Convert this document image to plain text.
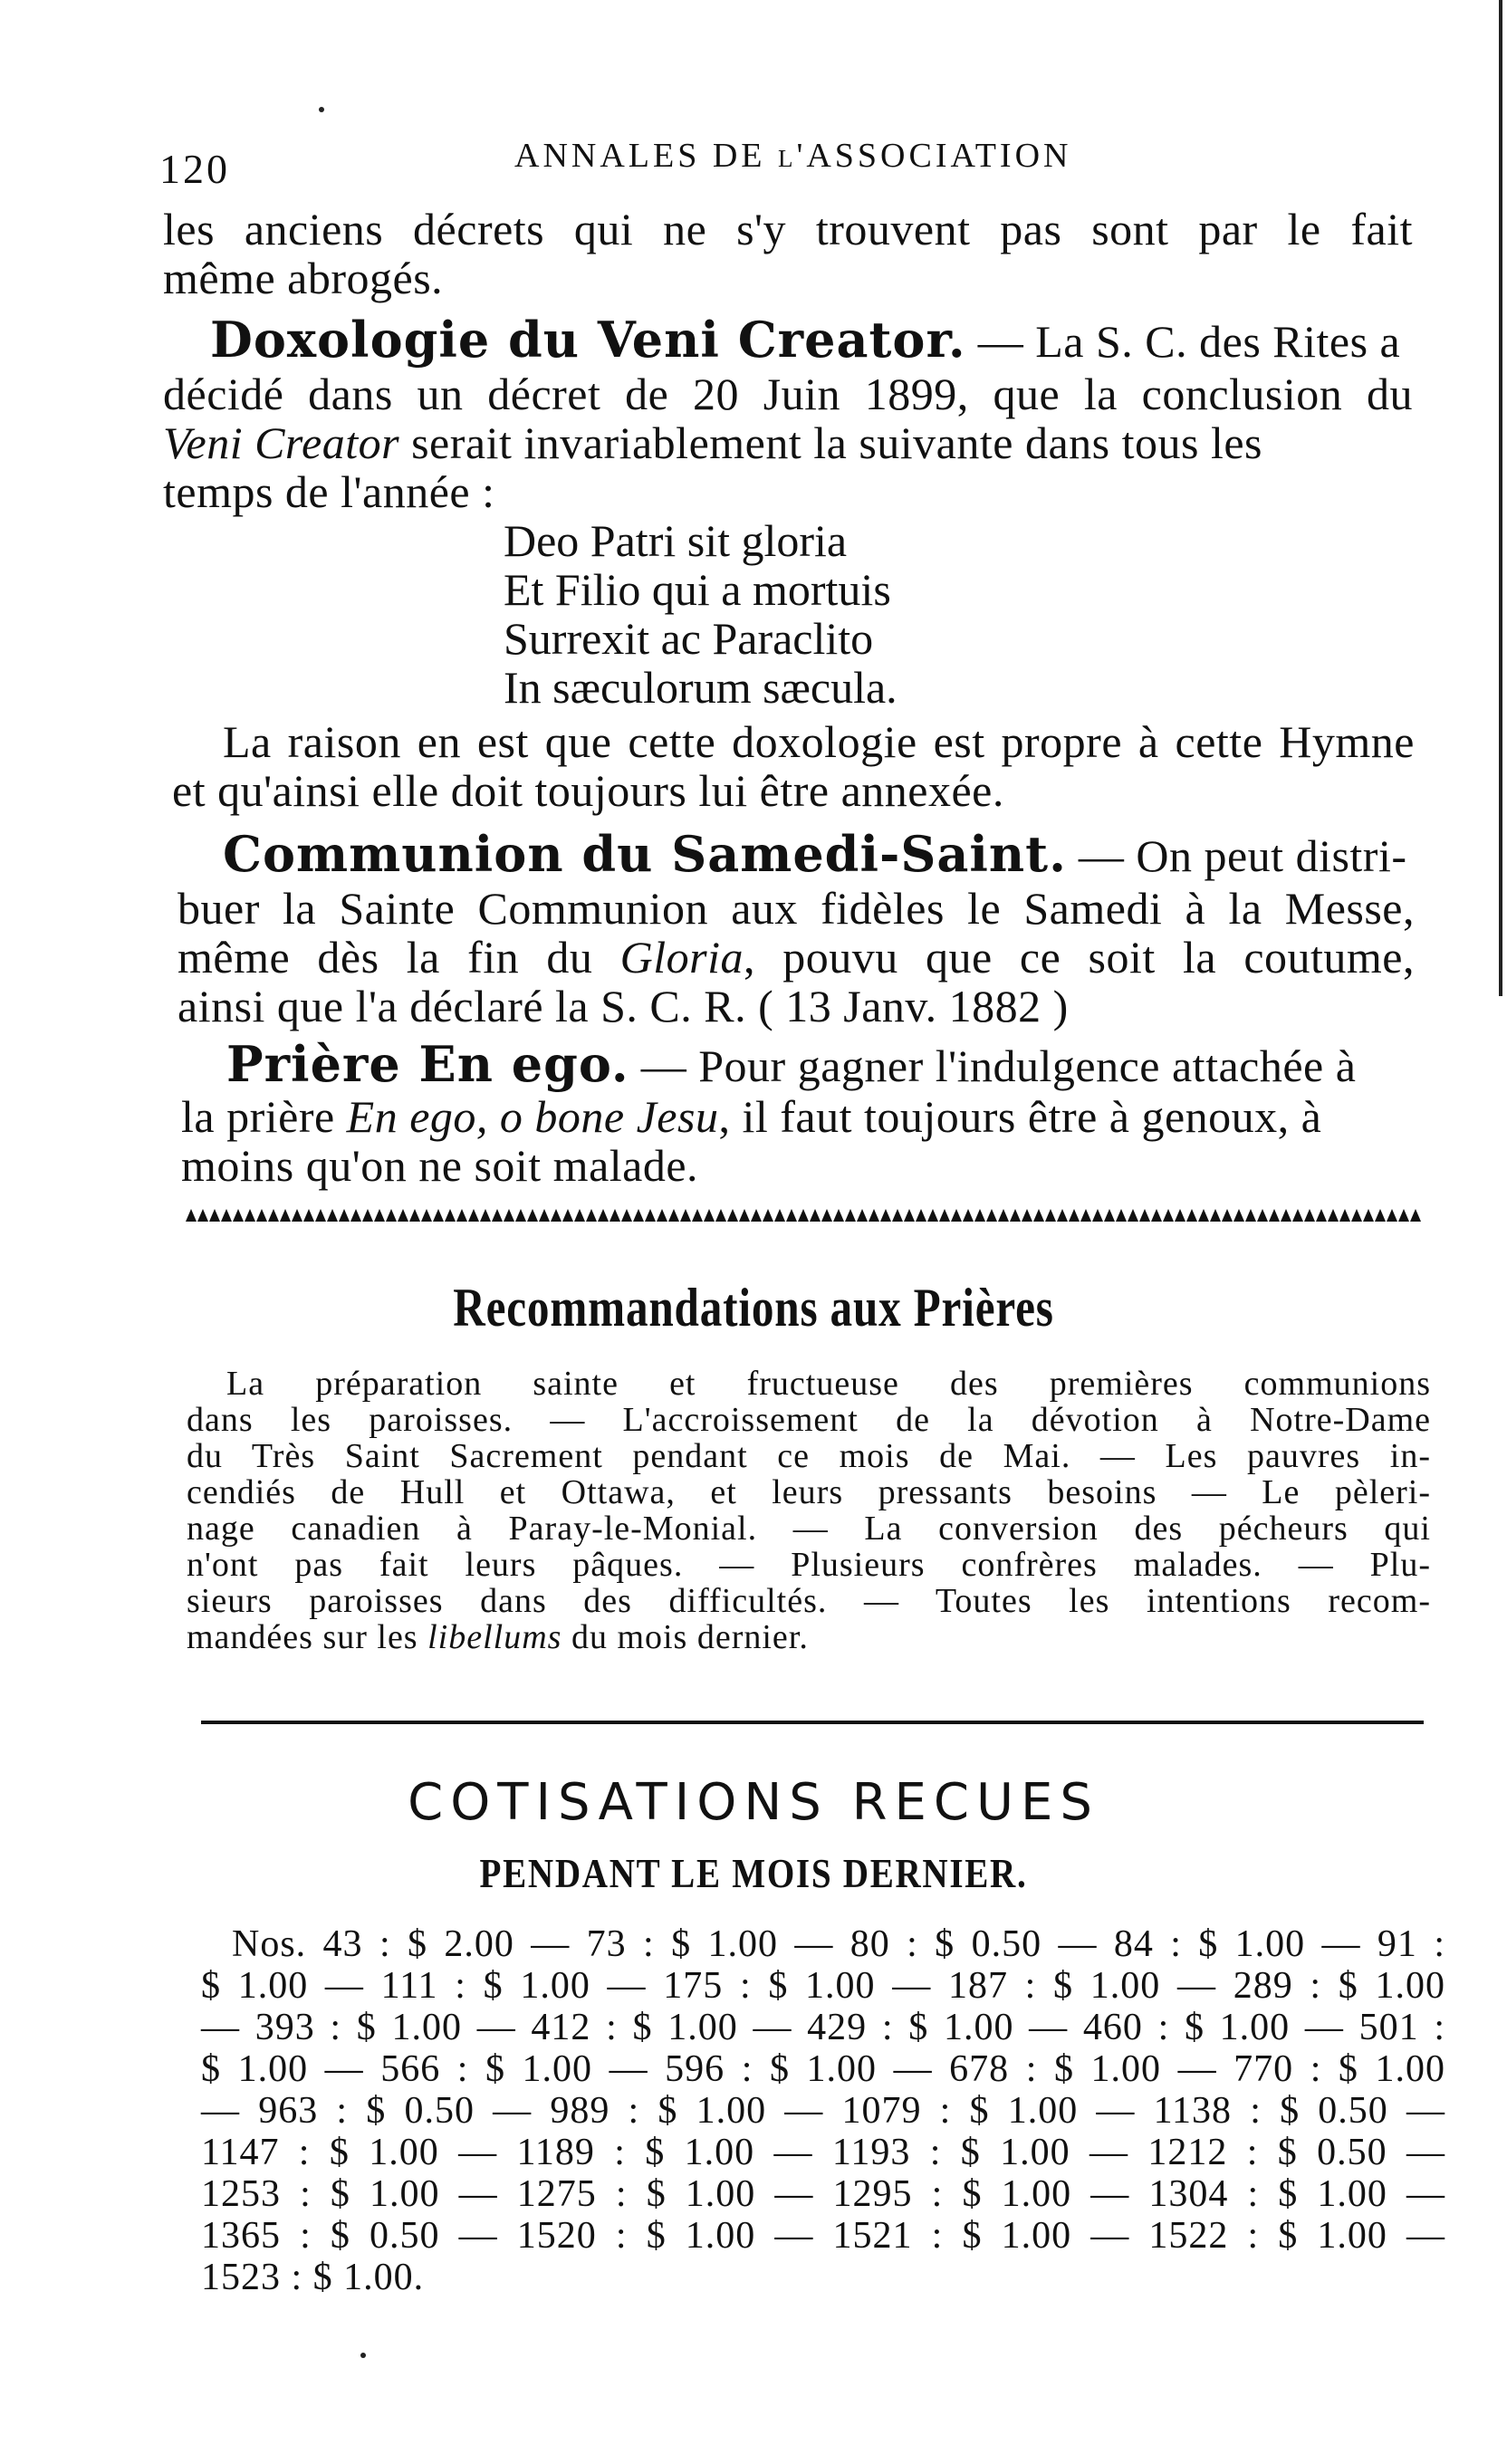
120	ANNALES DE l'ASSOCIATION
les anciens décrets qui ne s'y trouvent pas sont par le fait
même abrogés.
Doxologie du Veni Creator. — La S. C. des Rites a
décidé dans un décret de 20 Juin 1899, que la conclusion du
Veni Creator serait invariablement la suivante dans tous les
temps de l'année :
Deo Patri sit gloria
Et Filio qui a mortuis
Surrexit ac Paraclito
In sæculorum sæcula.
La raison en est que cette doxologie est propre à cette Hymne
et qu'ainsi elle doit toujours lui être annexée.
Communion du Samedi-Saint. — On peut distri-
buer la Sainte Communion aux fidèles le Samedi à la Messe,
même dès la fin du Gloria, pouvu que ce soit la coutume,
ainsi que l'a déclaré la S. C. R. ( 13 Janv. 1882 )
Prière En ego. — Pour gagner l'indulgence attachée à
la prière En ego, o bone Jesu, il faut toujours être à genoux, à
moins qu'on ne soit malade.
Recommandations aux Prières
La préparation sainte et fructueuse des premières communions
dans les paroisses. — L'accroissement de la dévotion à Notre-Dame
du Très Saint Sacrement pendant ce mois de Mai. — Les pauvres in-
cendiés de Hull et Ottawa, et leurs pressants besoins — Le pèleri-
nage canadien à Paray-le-Monial. — La conversion des pécheurs qui
n'ont pas fait leurs pâques. — Plusieurs confrères malades. — Plu-
sieurs paroisses dans des difficultés. — Toutes les intentions recom-
mandées sur les libellums du mois dernier.
COTISATIONS RECUES
PENDANT LE MOIS DERNIER.
Nos. 43 : $ 2.00 — 73 : $ 1.00 — 80 : $ 0.50 — 84 : $ 1.00 — 91 :
$ 1.00 — 111 : $ 1.00 — 175 : $ 1.00 — 187 : $ 1.00 — 289 : $ 1.00
— 393 : $ 1.00 — 412 : $ 1.00 — 429 : $ 1.00 — 460 : $ 1.00 — 501 :
$ 1.00 — 566 : $ 1.00 — 596 : $ 1.00 — 678 : $ 1.00 — 770 : $ 1.00
— 963 : $ 0.50 — 989 : $ 1.00 — 1079 : $ 1.00 — 1138 : $ 0.50 —
1147 : $ 1.00 — 1189 : $ 1.00 — 1193 : $ 1.00 — 1212 : $ 0.50 —
1253 : $ 1.00 — 1275 : $ 1.00 — 1295 : $ 1.00 — 1304 : $ 1.00 —
1365 : $ 0.50 — 1520 : $ 1.00 — 1521 : $ 1.00 — 1522 : $ 1.00 —
1523 : $ 1.00.
